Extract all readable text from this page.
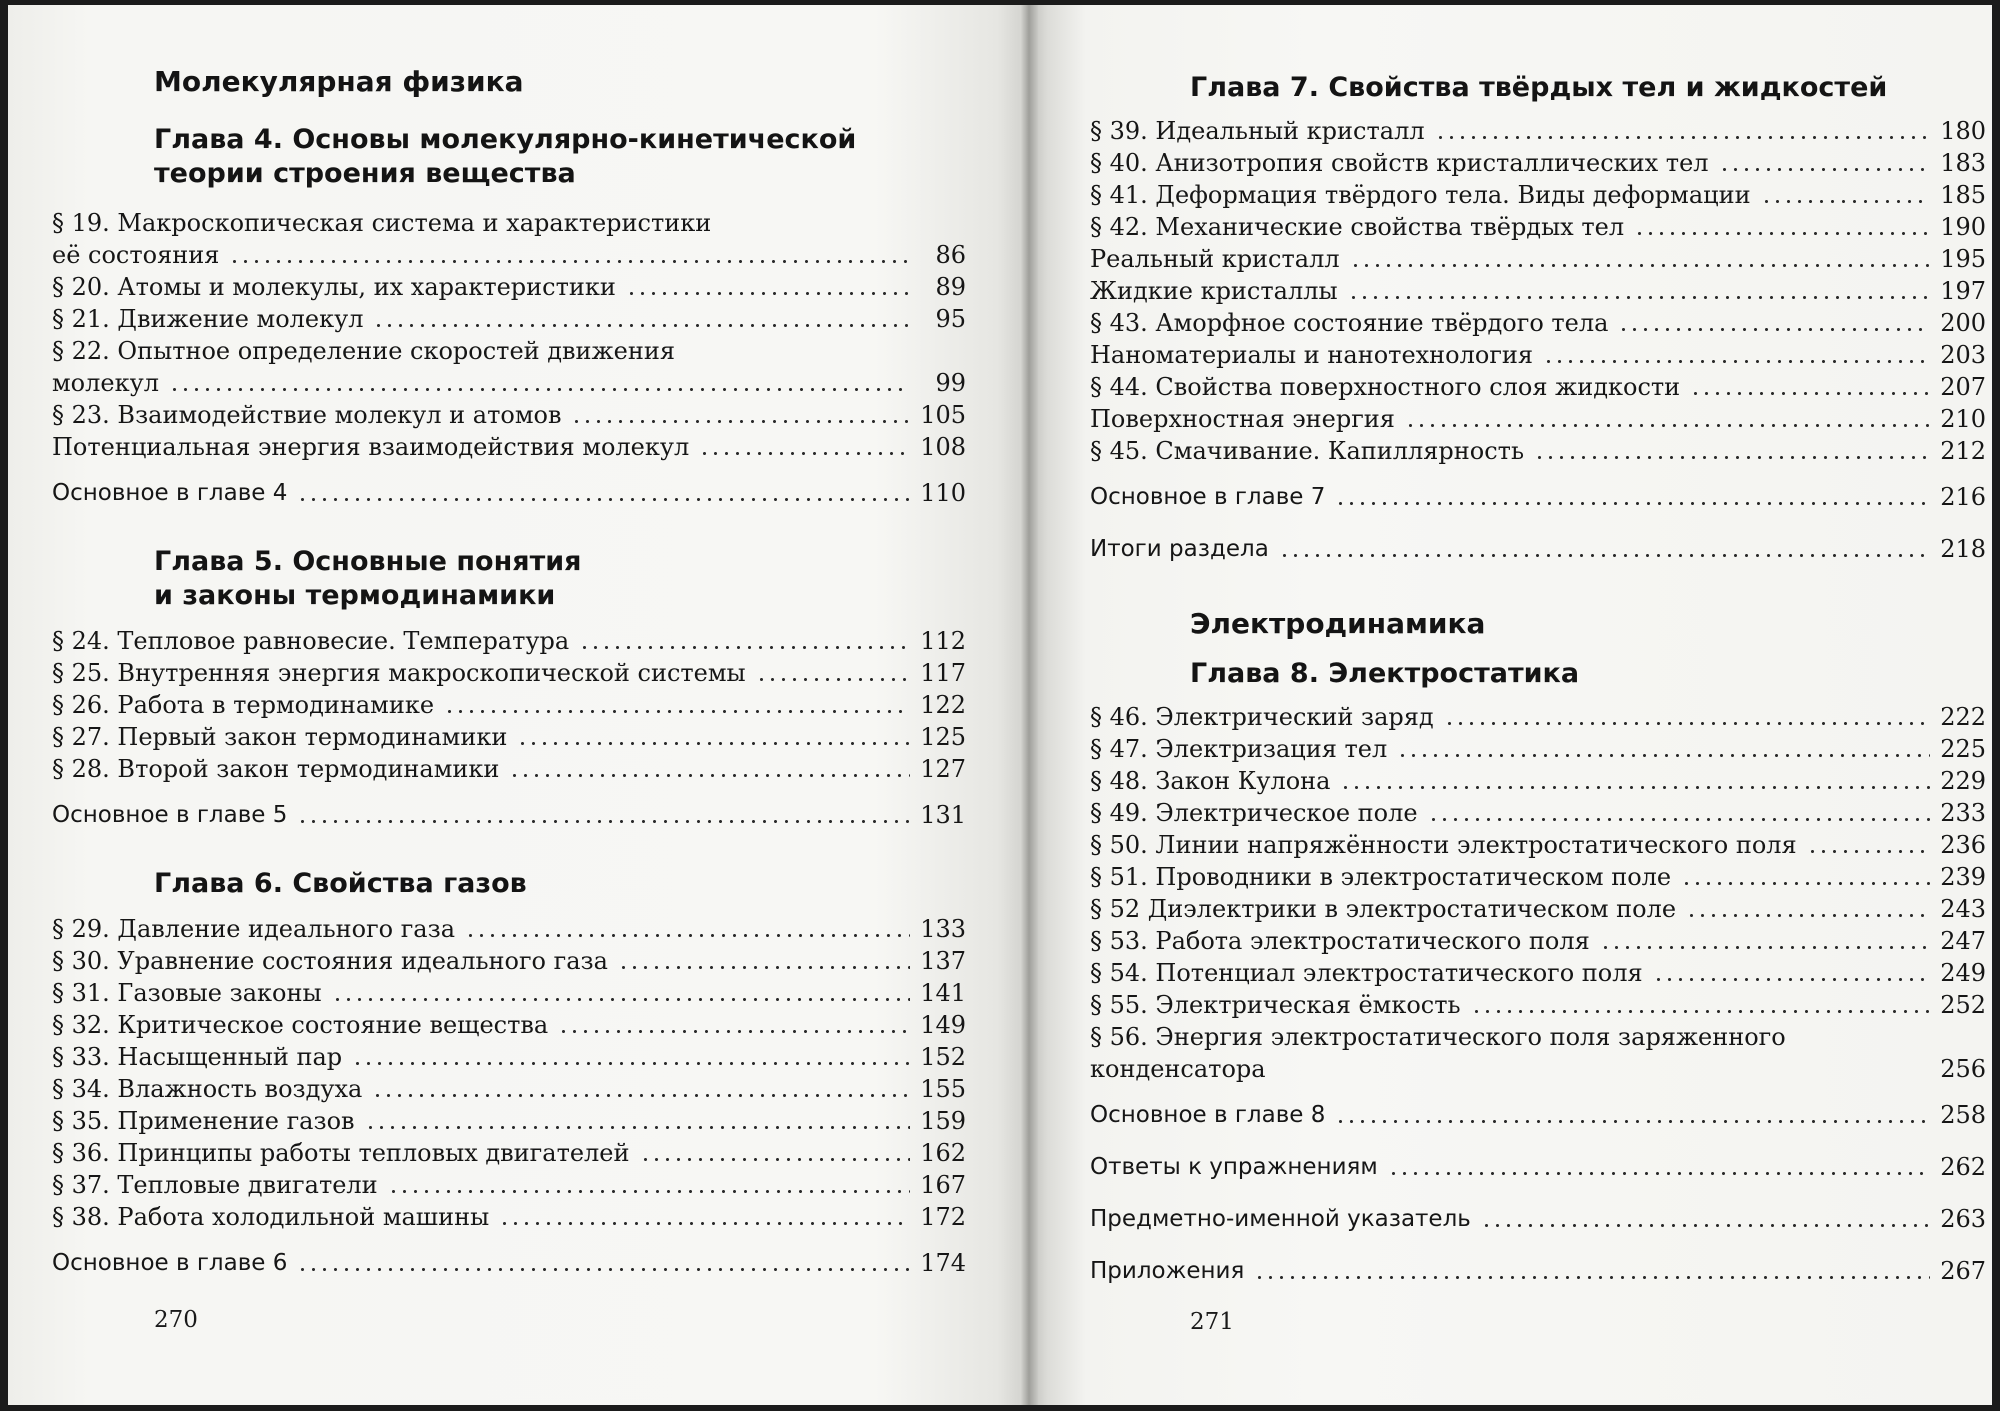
Молекулярная физика
Глава 4. Основы молекулярно-кинетической
теории строения вещества
§ 19. Макроскопическая система и характеристики
её состояния	86
§ 20. Атомы и молекулы, их характеристики	89
§ 21. Движение молекул	95
§ 22. Опытное определение скоростей движения
молекул	99
§ 23. Взаимодействие молекул и атомов	105
Потенциальная энергия взаимодействия молекул	108
Основное в главе 4	110
Глава 5. Основные понятия
и законы термодинамики
§ 24. Тепловое равновесие. Температура	112
§ 25. Внутренняя энергия макроскопической системы	117
§ 26. Работа в термодинамике	122
§ 27. Первый закон термодинамики	125
§ 28. Второй закон термодинамики	127
Основное в главе 5	131
Глава 6. Свойства газов
§ 29. Давление идеального газа	133
§ 30. Уравнение состояния идеального газа	137
§ 31. Газовые законы	141
§ 32. Критическое состояние вещества	149
§ 33. Насыщенный пар	152
§ 34. Влажность воздуха	155
§ 35. Применение газов	159
§ 36. Принципы работы тепловых двигателей	162
§ 37. Тепловые двигатели	167
§ 38. Работа холодильной машины	172
Основное в главе 6	174
270
Глава 7. Свойства твёрдых тел и жидкостей
§ 39. Идеальный кристалл	180
§ 40. Анизотропия свойств кристаллических тел	183
§ 41. Деформация твёрдого тела. Виды деформации	185
§ 42. Механические свойства твёрдых тел	190
Реальный кристалл	195
Жидкие кристаллы	197
§ 43. Аморфное состояние твёрдого тела	200
Наноматериалы и нанотехнология	203
§ 44. Свойства поверхностного слоя жидкости	207
Поверхностная энергия	210
§ 45. Смачивание. Капиллярность	212
Основное в главе 7	216
Итоги раздела	218
Электродинамика
Глава 8. Электростатика
§ 46. Электрический заряд	222
§ 47. Электризация тел	225
§ 48. Закон Кулона	229
§ 49. Электрическое поле	233
§ 50. Линии напряжённости электростатического поля	236
§ 51. Проводники в электростатическом поле	239
§ 52 Диэлектрики в электростатическом поле	243
§ 53. Работа электростатического поля	247
§ 54. Потенциал электростатического поля	249
§ 55. Электрическая ёмкость	252
§ 56. Энергия электростатического поля заряженного
конденсатора	256
Основное в главе 8	258
Ответы к упражнениям	262
Предметно-именной указатель	263
Приложения	267
271
